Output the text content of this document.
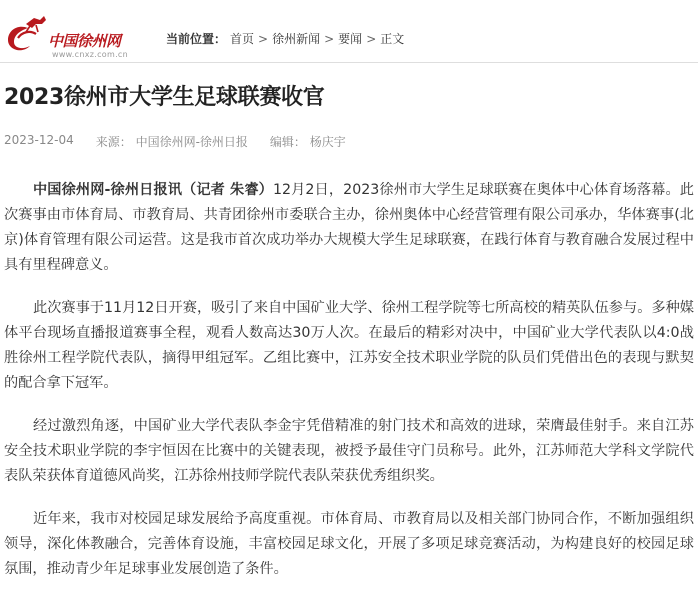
中国徐州网
www.cnxz.com.cn
当前位置： 首页 > 徐州新闻 > 要闻 > 正文
2023徐州市大学生足球联赛收官
2023-12-04 来源： 中国徐州网-徐州日报 编辑： 杨庆宇

中国徐州网-徐州日报讯（记者 朱睿）12月2日，2023徐州市大学生足球联赛在奥体中心体育场落幕。此次赛事由市体育局、市教育局、共青团徐州市委联合主办，徐州奥体中心经营管理有限公司承办，华体赛事(北京)体育管理有限公司运营。这是我市首次成功举办大规模大学生足球联赛，在践行体育与教育融合发展过程中具有里程碑意义。

此次赛事于11月12日开赛，吸引了来自中国矿业大学、徐州工程学院等七所高校的精英队伍参与。多种媒体平台现场直播报道赛事全程，观看人数高达30万人次。在最后的精彩对决中，中国矿业大学代表队以4:0战胜徐州工程学院代表队，摘得甲组冠军。乙组比赛中，江苏安全技术职业学院的队员们凭借出色的表现与默契的配合拿下冠军。

经过激烈角逐，中国矿业大学代表队李金宇凭借精准的射门技术和高效的进球，荣膺最佳射手。来自江苏安全技术职业学院的李宇恒因在比赛中的关键表现，被授予最佳守门员称号。此外，江苏师范大学科文学院代表队荣获体育道德风尚奖，江苏徐州技师学院代表队荣获优秀组织奖。

近年来，我市对校园足球发展给予高度重视。市体育局、市教育局以及相关部门协同合作，不断加强组织领导，深化体教融合，完善体育设施，丰富校园足球文化，开展了多项足球竞赛活动，为构建良好的校园足球氛围，推动青少年足球事业发展创造了条件。
